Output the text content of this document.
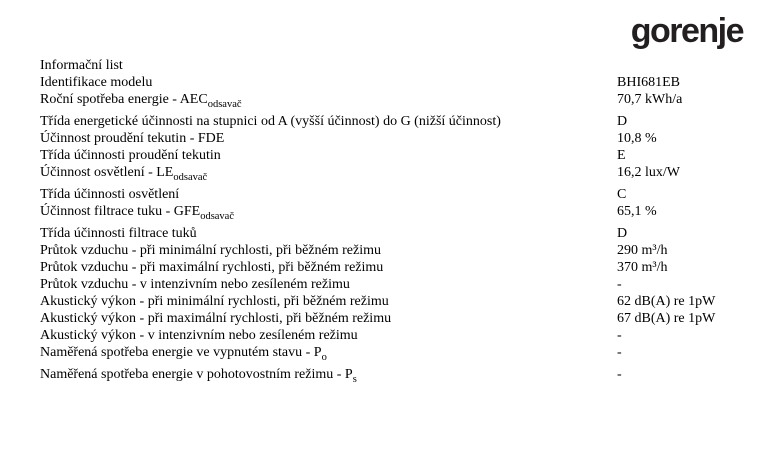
gorenje
Informační list
Identifikace modelu	BHI681EB
Roční spotřeba energie - $AEC_{odsavač}$	70,7 kWh/a
Třída energetické účinnosti na stupnici od A (vyšší účinnost) do G (nižší účinnost)	D
Účinnost proudění tekutin - FDE	10,8 %
Třída účinnosti proudění tekutin	E
Účinnost osvětlení - $LE_{odsavač}$	16,2 lux/W
Třída účinnosti osvětlení	C
Účinnost filtrace tuku - $GFE_{odsavač}$	65,1 %
Třída účinnosti filtrace tuků	D
Průtok vzduchu - při minimální rychlosti, při běžném režimu	290 m³/h
Průtok vzduchu - při maximální rychlosti, při běžném režimu	370 m³/h
Průtok vzduchu - v intenzivním nebo zesíleném režimu	-
Akustický výkon - při minimální rychlosti, při běžném režimu	62 dB(A) re 1pW
Akustický výkon - při maximální rychlosti, při běžném režimu	67 dB(A) re 1pW
Akustický výkon - v intenzivním nebo zesíleném režimu	-
Naměřená spotřeba energie ve vypnutém stavu - $P_o$	-
Naměřená spotřeba energie v pohotovostním režimu - $P_s$	-
